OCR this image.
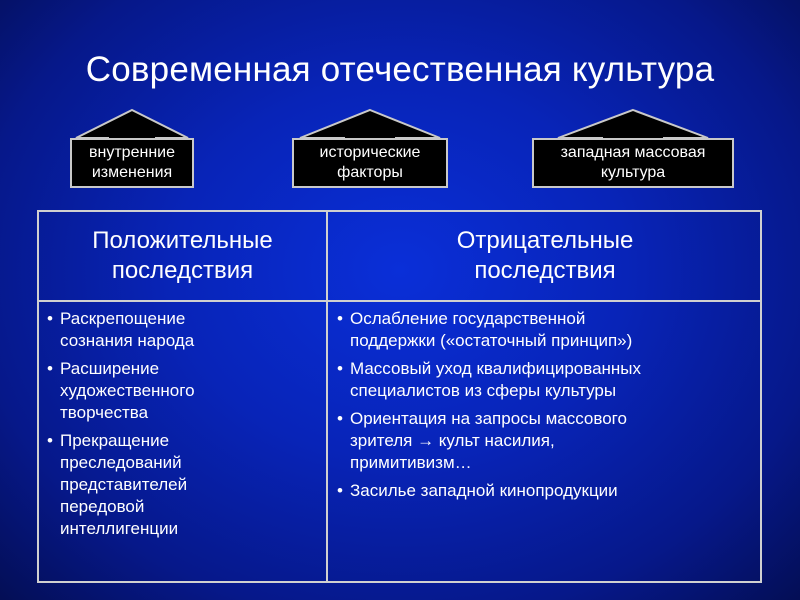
Современная отечественная культура
внутренние
изменения
исторические
факторы
западная массовая
культура
Положительные
последствия
Отрицательные
последствия
• Раскрепощение
сознания народа
• Расширение
художественного
творчества
• Прекращение
преследований
представителей
передовой
интеллигенции
• Ослабление государственной
поддержки («остаточный принцип»)
• Массовый уход квалифицированных
специалистов из сферы культуры
• Ориентация на запросы массового
зрителя → культ насилия,
примитивизм…
• Засилье западной кинопродукции
